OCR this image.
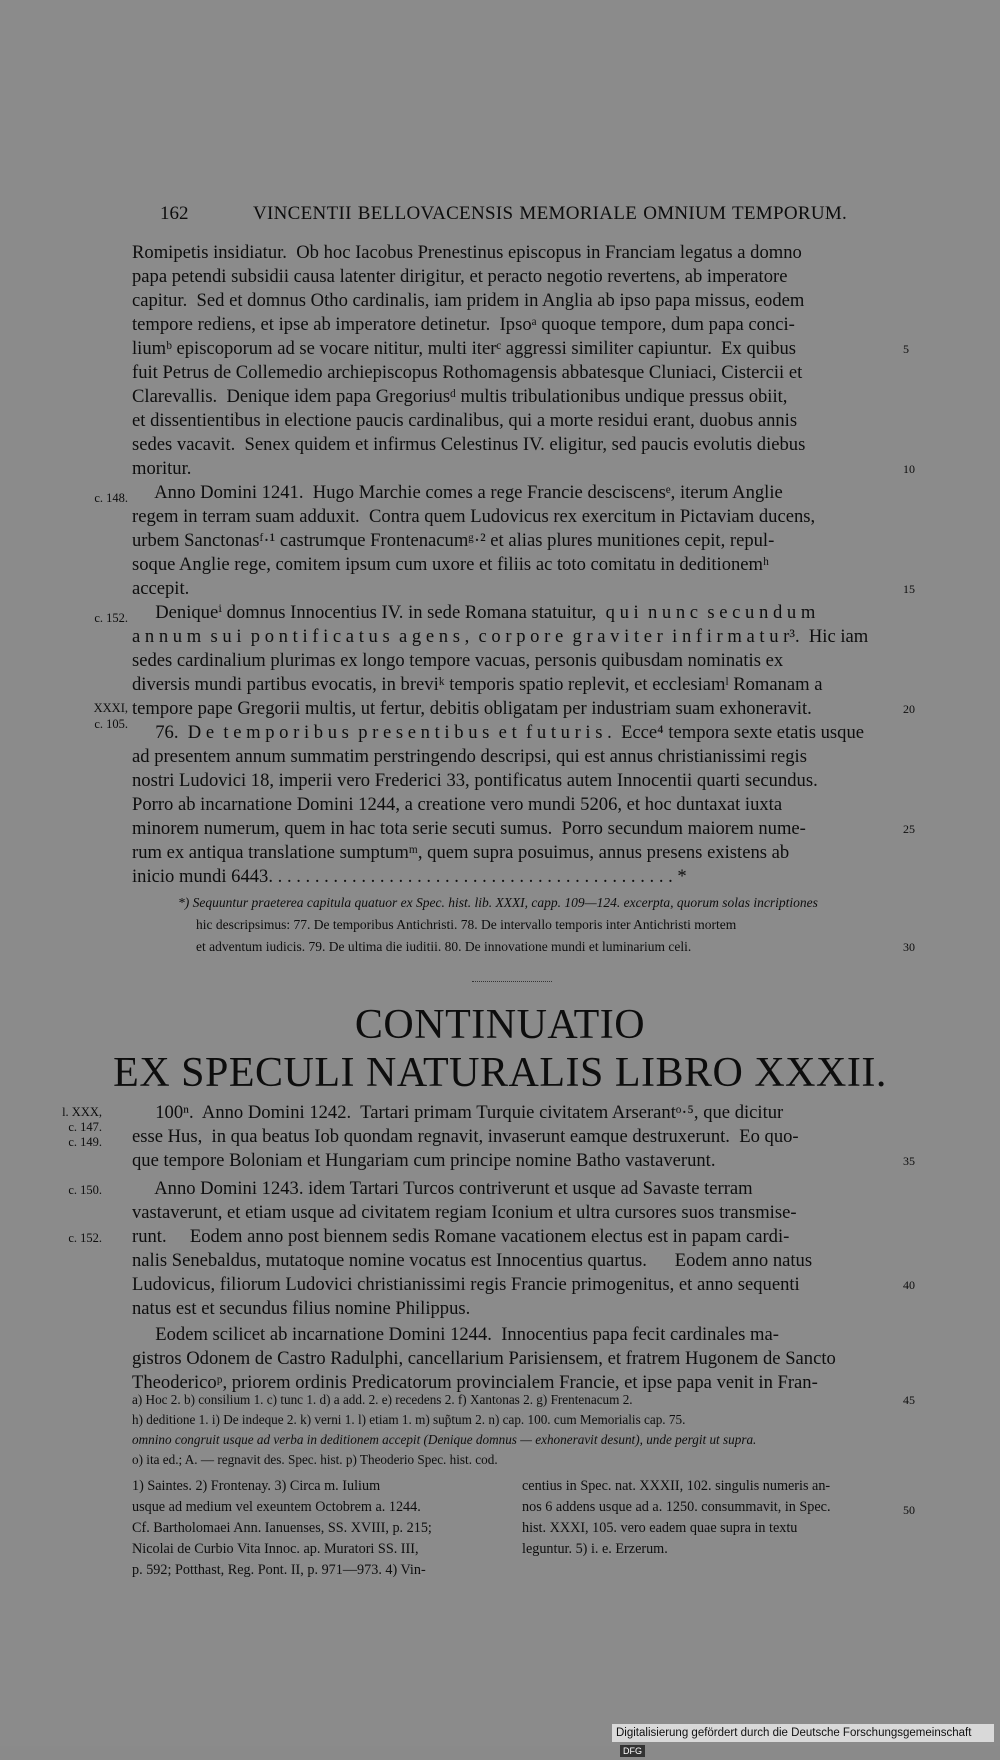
162	VINCENTII BELLOVACENSIS MEMORIALE OMNIUM TEMPORUM.
Romipetis insidiatur.  Ob hoc Iacobus Prenestinus episcopus in Franciam legatus a domno
papa petendi subsidii causa latenter dirigitur, et peracto negotio revertens, ab imperatore
capitur.  Sed et domnus Otho cardinalis, iam pridem in Anglia ab ipso papa missus, eodem
tempore rediens, et ipse ab imperatore detinetur.  Ipsoᵃ quoque tempore, dum papa conci-
liumᵇ episcoporum ad se vocare nititur, multi iterᶜ aggressi similiter capiuntur.  Ex quibus
fuit Petrus de Collemedio archiepiscopus Rothomagensis abbatesque Cluniaci, Cistercii et
Clarevallis.  Denique idem papa Gregoriusᵈ multis tribulationibus undique pressus obiit,
et dissentientibus in electione paucis cardinalibus, qui a morte residui erant, duobus annis
sedes vacavit.  Senex quidem et infirmus Celestinus IV. eligitur, sed paucis evolutis diebus
moritur.
Anno Domini 1241.  Hugo Marchie comes a rege Francie desciscensᵉ, iterum Anglie
regem in terram suam adduxit.  Contra quem Ludovicus rex exercitum in Pictaviam ducens,
urbem Sanctonasᶠ·¹ castrumque Frontenacumᵍ·² et alias plures munitiones cepit, repul-
soque Anglie rege, comitem ipsum cum uxore et filiis ac toto comitatu in deditionemʰ
accepit.
Deniqueⁱ domnus Innocentius IV. in sede Romana statuitur,  q u i  n u n c  s e c u n d u m
a n n u m  s u i  p o n t i f i c a t u s  a g e n s ,  c o r p o r e  g r a v i t e r  i n f i r m a t u r³.  Hic iam
sedes cardinalium plurimas ex longo tempore vacuas, personis quibusdam nominatis ex
diversis mundi partibus evocatis, in breviᵏ temporis spatio replevit, et ecclesiamˡ Romanam a
tempore pape Gregorii multis, ut fertur, debitis obligatam per industriam suam exhoneravit.
76.  D e  t e m p o r i b u s  p r e s e n t i b u s  e t  f u t u r i s .  Ecce⁴ tempora sexte etatis usque
ad presentem annum summatim perstringendo descripsi, qui est annus christianissimi regis
nostri Ludovici 18, imperii vero Frederici 33, pontificatus autem Innocentii quarti secundus.
Porro ab incarnatione Domini 1244, a creatione vero mundi 5206, et hoc duntaxat iuxta
minorem numerum, quem in hac tota serie secuti sumus.  Porro secundum maiorem nume-
rum ex antiqua translatione sumptumᵐ, quem supra posuimus, annus presens existens ab
inicio mundi 6443. . . . . . . . . . . . . . . . . . . . . . . . . . . . . . . . . . . . . . . . . . . . *
5
10
15
20
25
c. 148.
c. 152.
XXXI,
c. 105.
*) Sequuntur praeterea capitula quatuor ex Spec. hist. lib. XXXI, capp. 109—124. excerpta, quorum solas incriptiones
hic descripsimus: 77. De temporibus Antichristi. 78. De intervallo temporis inter Antichristi mortem
et adventum iudicis. 79. De ultima die iuditii. 80. De innovatione mundi et luminarium celi.	30
CONTINUATIO
EX SPECULI NATURALIS LIBRO XXXII.
100ⁿ.  Anno Domini 1242.  Tartari primam Turquie civitatem Arserantᵒ·⁵, que dicitur
esse Hus,  in qua beatus Iob quondam regnavit, invaserunt eamque destruxerunt.  Eo quo-
que tempore Boloniam et Hungariam cum principe nomine Batho vastaverunt.
Anno Domini 1243. idem Tartari Turcos contriverunt et usque ad Savaste terram
vastaverunt, et etiam usque ad civitatem regiam Iconium et ultra cursores suos transmise-
runt.     Eodem anno post biennem sedis Romane vacationem electus est in papam cardi-
nalis Senebaldus, mutatoque nomine vocatus est Innocentius quartus.      Eodem anno natus
Ludovicus, filiorum Ludovici christianissimi regis Francie primogenitus, et anno sequenti
natus est et secundus filius nomine Philippus.
Eodem scilicet ab incarnatione Domini 1244.  Innocentius papa fecit cardinales ma-
gistros Odonem de Castro Radulphi, cancellarium Parisiensem, et fratrem Hugonem de Sancto
Theodericoᵖ, priorem ordinis Predicatorum provincialem Francie, et ipse papa venit in Fran-
35
40
l. XXX,
c. 147.
c. 149.
c. 150.
c. 152.
a) Hoc 2. b) consilium 1. c) tunc 1. d) a add. 2. e) recedens 2. f) Xantonas 2. g) Frentenacum 2.
h) deditione 1. i) De indeque 2. k) verni 1. l) etiam 1. m) sup̃tum 2. n) cap. 100. cum Memorialis cap. 75.
omnino congruit usque ad verba in deditionem accepit (Denique domnus — exhoneravit desunt), unde pergit ut supra.
o) ita ed.; A. — regnavit des. Spec. hist. p) Theoderio Spec. hist. cod.
45
1) Saintes. 2) Frontenay. 3) Circa m. Iulium
usque ad medium vel exeuntem Octobrem a. 1244.
Cf. Bartholomaei Ann. Ianuenses, SS. XVIII, p. 215;
Nicolai de Curbio Vita Innoc. ap. Muratori SS. III,
p. 592; Potthast, Reg. Pont. II, p. 971—973. 4) Vin-
centius in Spec. nat. XXXII, 102. singulis numeris an-
nos 6 addens usque ad a. 1250. consummavit, in Spec.
hist. XXXI, 105. vero eadem quae supra in textu
leguntur. 5) i. e. Erzerum.
50
Digitalisierung gefördert durch die Deutsche Forschungsgemeinschaft DFG
